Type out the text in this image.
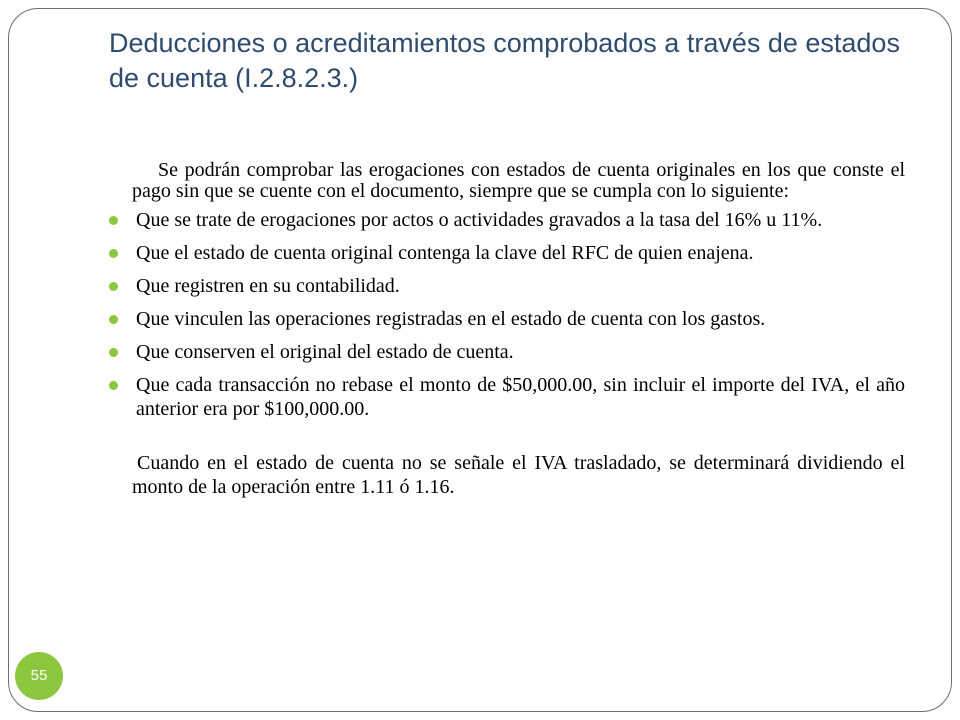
Deducciones o acreditamientos comprobados a través de estados de cuenta (I.2.8.2.3.)

Se podrán comprobar las erogaciones con estados de cuenta originales en los que conste el pago sin que se cuente con el documento, siempre que se cumpla con lo siguiente:

Que se trate de erogaciones por actos o actividades gravados a la tasa del 16% u 11%.
Que el estado de cuenta original contenga la clave del RFC de quien enajena.
Que registren en su contabilidad.
Que vinculen las operaciones registradas en el estado de cuenta con los gastos.
Que conserven el original del estado de cuenta.
Que cada transacción no rebase el monto de $50,000.00, sin incluir el importe del IVA, el año anterior era por $100,000.00.

Cuando en el estado de cuenta no se señale el IVA trasladado, se determinará dividiendo el monto de la operación entre 1.11 ó 1.16.

55
